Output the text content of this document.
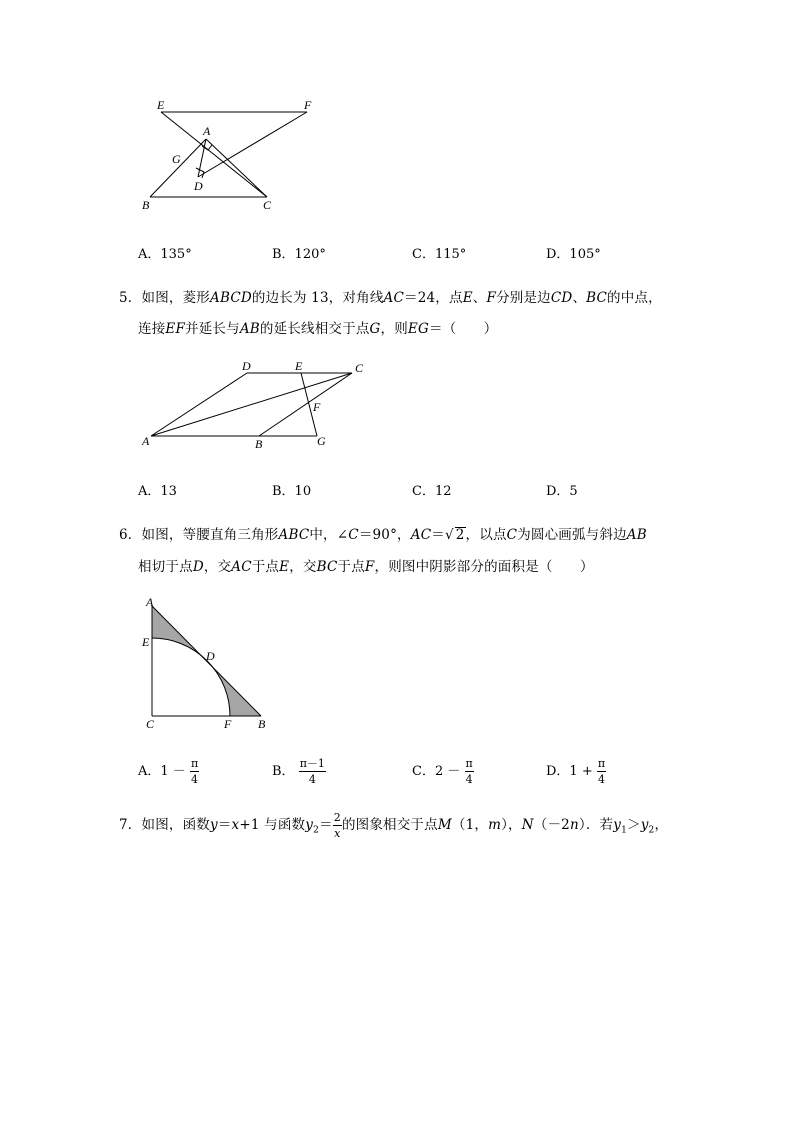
E	F
A
G
D
B	C
A．135°	B．120°	C．115°	D．105°
5．如图，菱形ABCD的边长为 13，对角线AC＝24，点E、F分别是边CD、BC的中点，
连接EF并延长与AB的延长线相交于点G，则EG＝（　　）
D	E	C
F
A	B	G
A．13	B．10	C．12	D．5
6．如图，等腰直角三角形ABC中，∠C＝90°，AC＝√ 2，以点C为圆心画弧与斜边AB
相切于点D，交AC于点E，交BC于点F，则图中阴影部分的面积是（　　）
A
E
D
C	F B
A．$1 - \frac{\pi}{4}$	B． $\frac{\pi-1}{4}$	C．$2 - \frac{\pi}{4}$	D．$1 + \frac{\pi}{4}$
7．如图，函数y＝x+1 与函数$y_2= \frac{2}{x}$ 的图象相交于点M（1，m），N（－2n）．若$y_1>y_2$，
